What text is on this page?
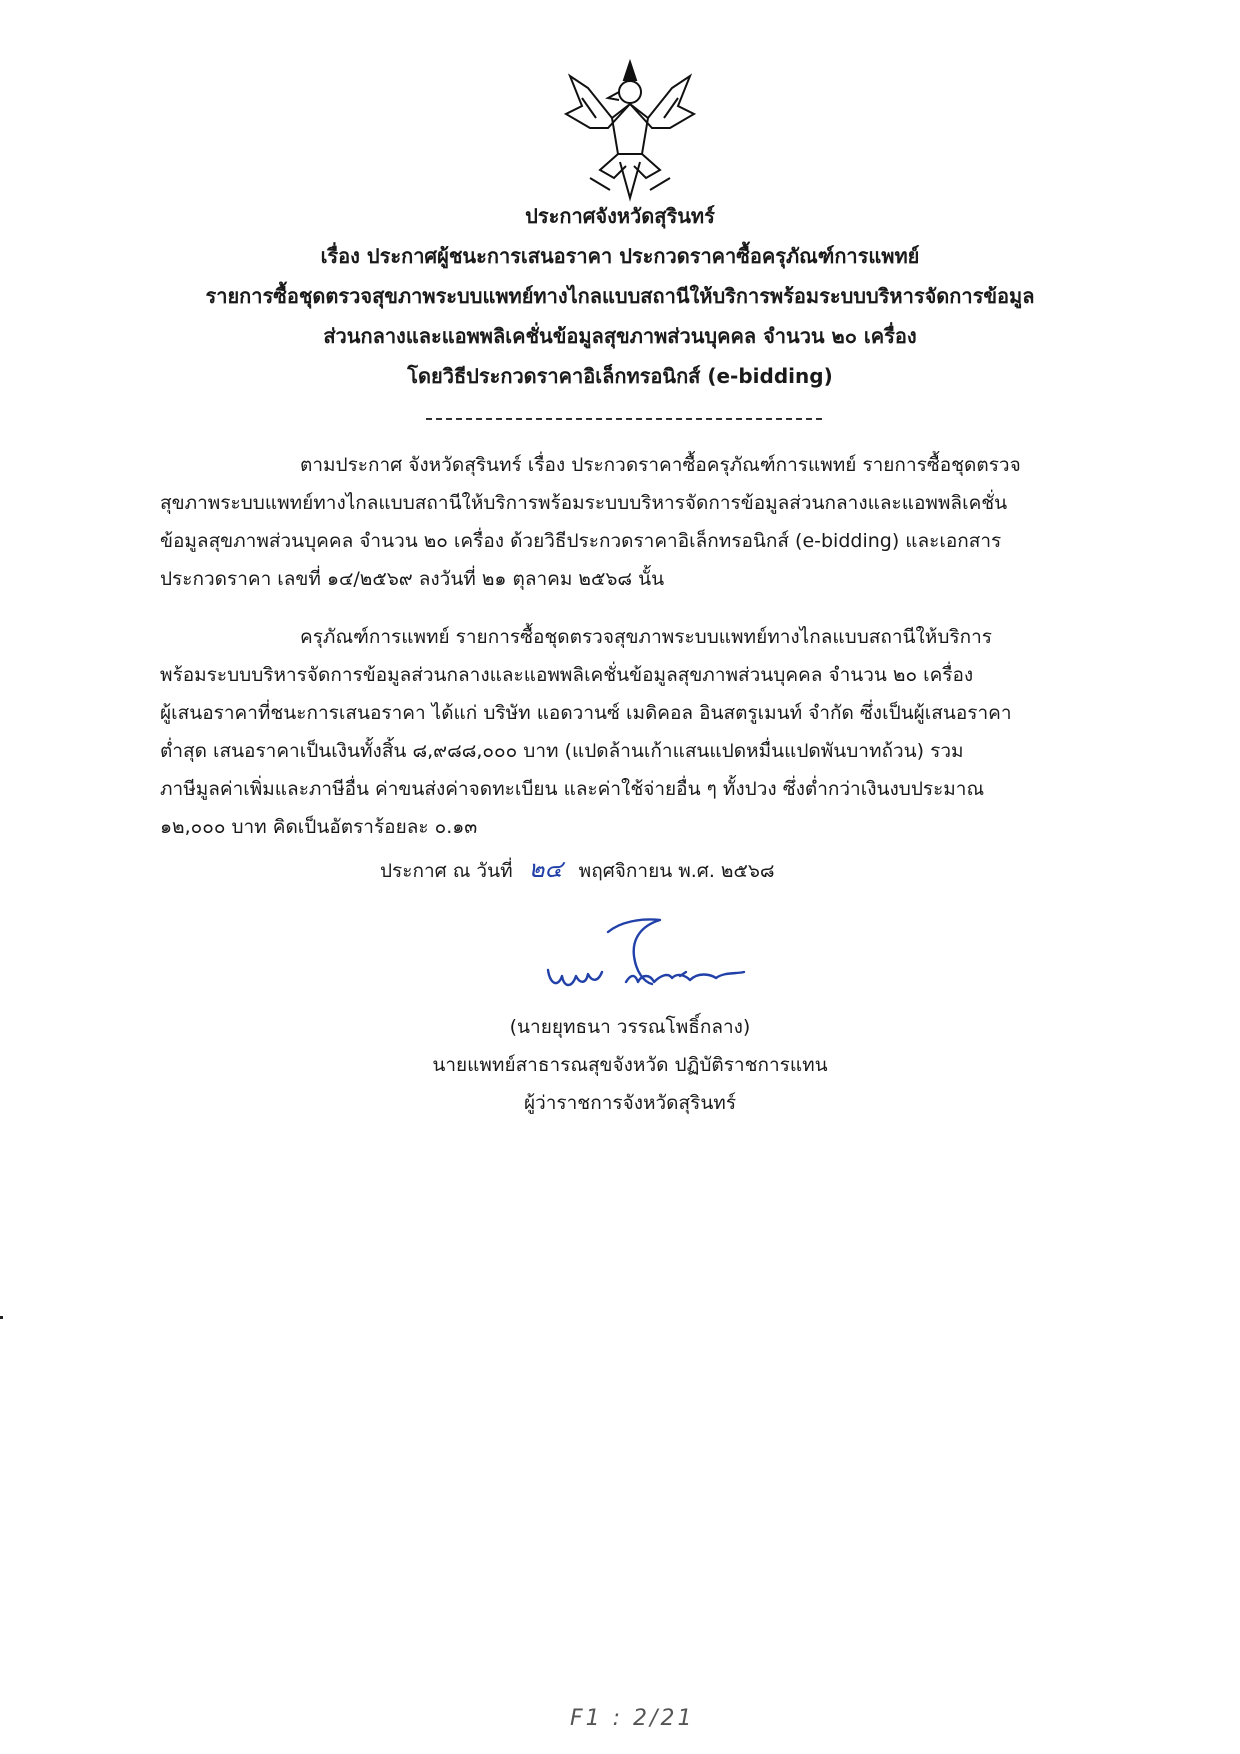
ประกาศจังหวัดสุรินทร์
เรื่อง ประกาศผู้ชนะการเสนอราคา ประกวดราคาซื้อครุภัณฑ์การแพทย์
รายการซื้อชุดตรวจสุขภาพระบบแพทย์ทางไกลแบบสถานีให้บริการพร้อมระบบบริหารจัดการข้อมูล
ส่วนกลางและแอพพลิเคชั่นข้อมูลสุขภาพส่วนบุคคล จำนวน ๒๐ เครื่อง
โดยวิธีประกวดราคาอิเล็กทรอนิกส์ (e-bidding)
ตามประกาศ จังหวัดสุรินทร์ เรื่อง ประกวดราคาซื้อครุภัณฑ์การแพทย์ รายการซื้อชุดตรวจ
สุขภาพระบบแพทย์ทางไกลแบบสถานีให้บริการพร้อมระบบบริหารจัดการข้อมูลส่วนกลางและแอพพลิเคชั่น
ข้อมูลสุขภาพส่วนบุคคล จำนวน ๒๐ เครื่อง ด้วยวิธีประกวดราคาอิเล็กทรอนิกส์ (e-bidding) และเอกสาร
ประกวดราคา เลขที่ ๑๔/๒๕๖๙ ลงวันที่ ๒๑ ตุลาคม ๒๕๖๘ นั้น
ครุภัณฑ์การแพทย์ รายการซื้อชุดตรวจสุขภาพระบบแพทย์ทางไกลแบบสถานีให้บริการ
พร้อมระบบบริหารจัดการข้อมูลส่วนกลางและแอพพลิเคชั่นข้อมูลสุขภาพส่วนบุคคล จำนวน ๒๐ เครื่อง
ผู้เสนอราคาที่ชนะการเสนอราคา ได้แก่ บริษัท แอดวานซ์ เมดิคอล อินสตรูเมนท์ จำกัด ซึ่งเป็นผู้เสนอราคา
ต่ำสุด เสนอราคาเป็นเงินทั้งสิ้น ๘,๙๘๘,๐๐๐ บาท (แปดล้านเก้าแสนแปดหมื่นแปดพันบาทถ้วน) รวม
ภาษีมูลค่าเพิ่มและภาษีอื่น ค่าขนส่งค่าจดทะเบียน และค่าใช้จ่ายอื่น ๆ ทั้งปวง ซึ่งต่ำกว่าเงินงบประมาณ
๑๒,๐๐๐ บาท คิดเป็นอัตราร้อยละ ๐.๑๓
ประกาศ ณ วันที่ ๒๔ พฤศจิกายน พ.ศ. ๒๕๖๘
(นายยุทธนา วรรณโพธิ์กลาง)
นายแพทย์สาธารณสุขจังหวัด ปฏิบัติราชการแทน
ผู้ว่าราชการจังหวัดสุรินทร์
F1 : 2/21
